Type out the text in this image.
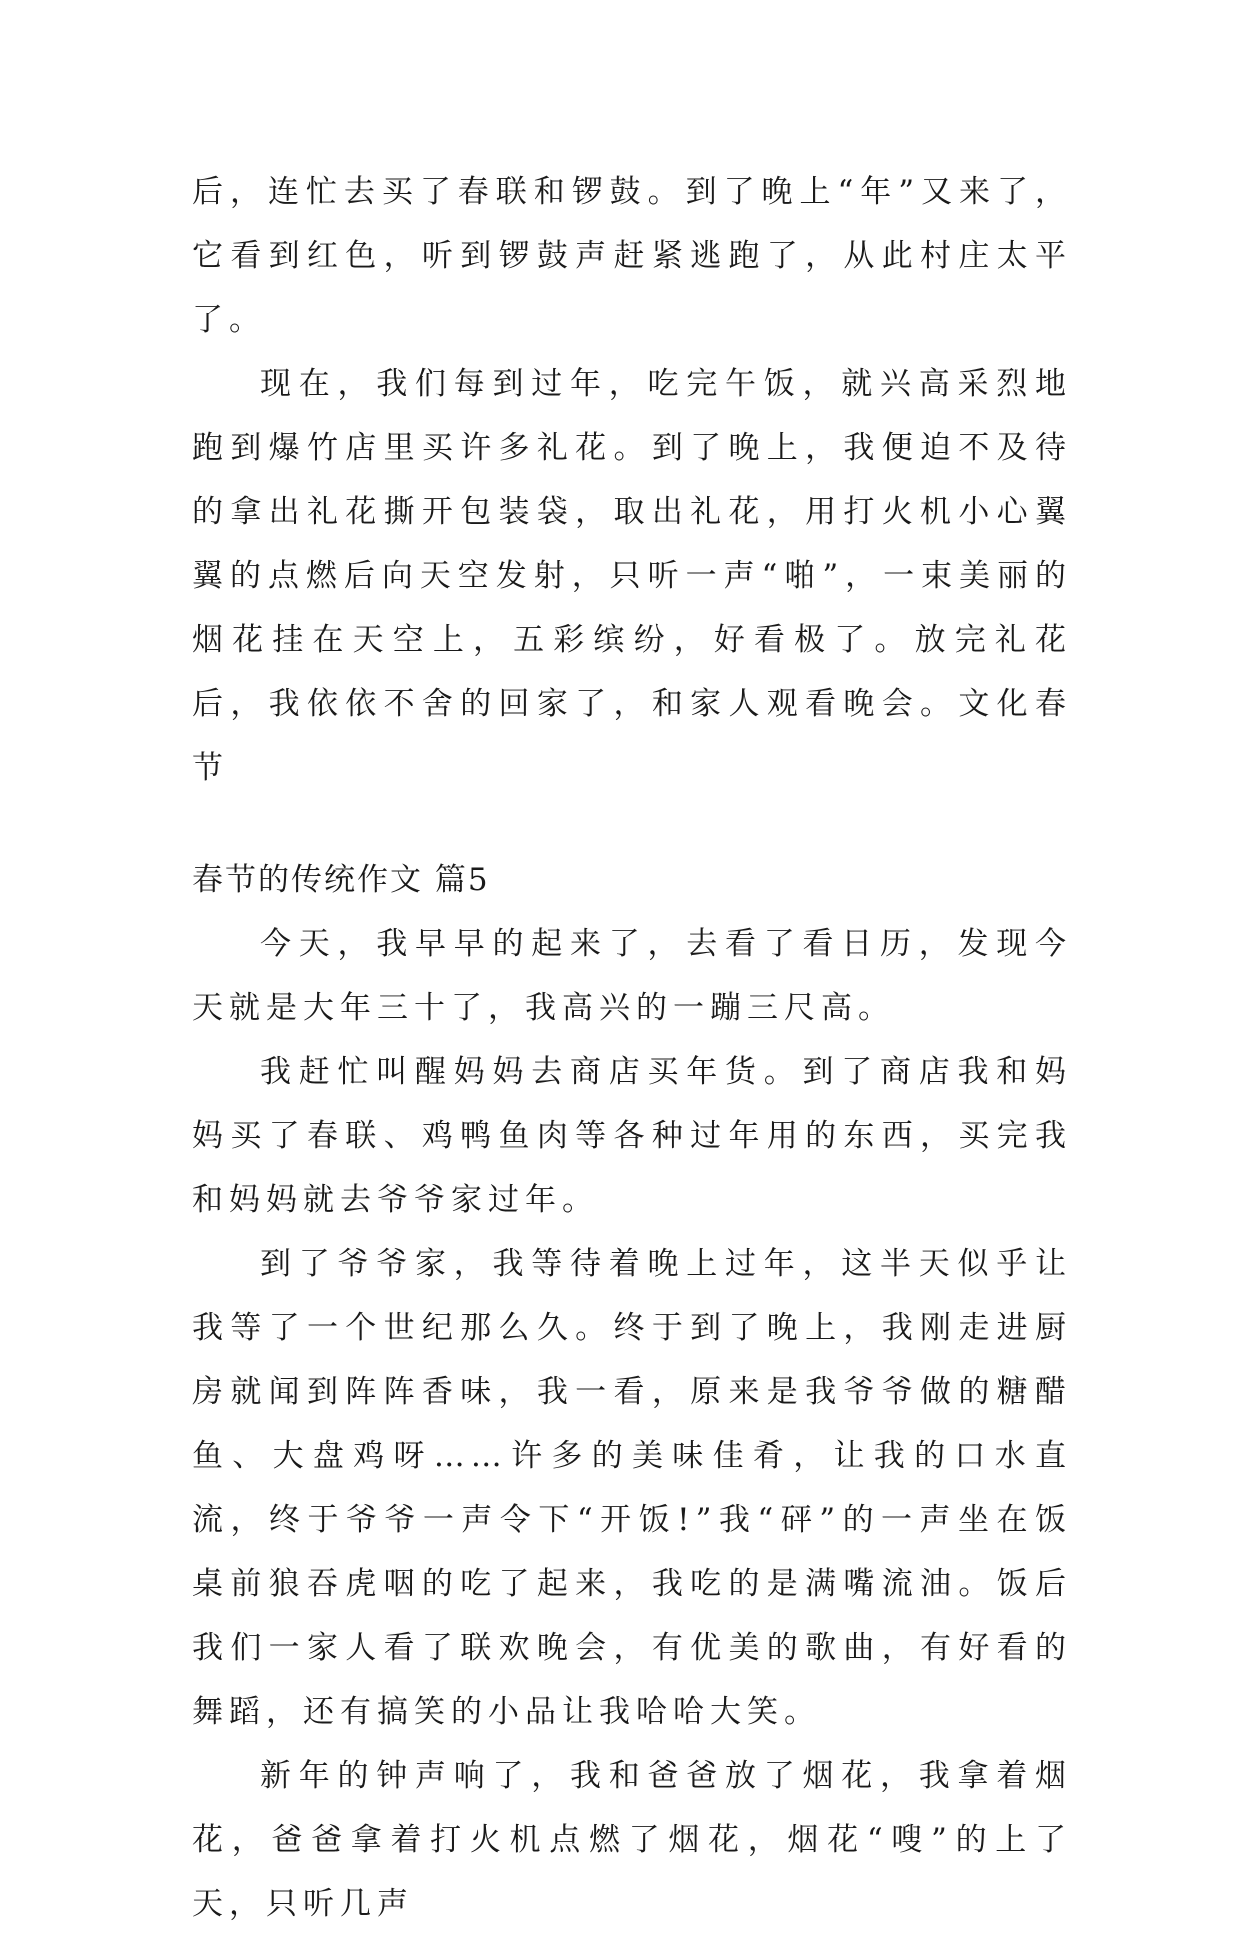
后，连忙去买了春联和锣鼓。到了晚上“年”又来了，它看到红色，听到锣鼓声赶紧逃跑了，从此村庄太平了。

现在，我们每到过年，吃完午饭，就兴高采烈地跑到爆竹店里买许多礼花。到了晚上，我便迫不及待的拿出礼花撕开包装袋，取出礼花，用打火机小心翼翼的点燃后向天空发射，只听一声“啪”，一束美丽的烟花挂在天空上，五彩缤纷，好看极了。放完礼花后，我依依不舍的回家了，和家人观看晚会。文化春节

春节的传统作文 篇5

今天，我早早的起来了，去看了看日历，发现今天就是大年三十了，我高兴的一蹦三尺高。

我赶忙叫醒妈妈去商店买年货。到了商店我和妈妈买了春联、鸡鸭鱼肉等各种过年用的东西，买完我和妈妈就去爷爷家过年。

到了爷爷家，我等待着晚上过年，这半天似乎让我等了一个世纪那么久。终于到了晚上，我刚走进厨房就闻到阵阵香味，我一看，原来是我爷爷做的糖醋鱼、大盘鸡呀……许多的美味佳肴，让我的口水直流，终于爷爷一声令下“开饭!”我“砰”的一声坐在饭桌前狼吞虎咽的吃了起来，我吃的是满嘴流油。饭后我们一家人看了联欢晚会，有优美的歌曲，有好看的舞蹈，还有搞笑的小品让我哈哈大笑。

新年的钟声响了，我和爸爸放了烟花，我拿着烟花，爸爸拿着打火机点燃了烟花，烟花“嗖”的上了天，只听几声
